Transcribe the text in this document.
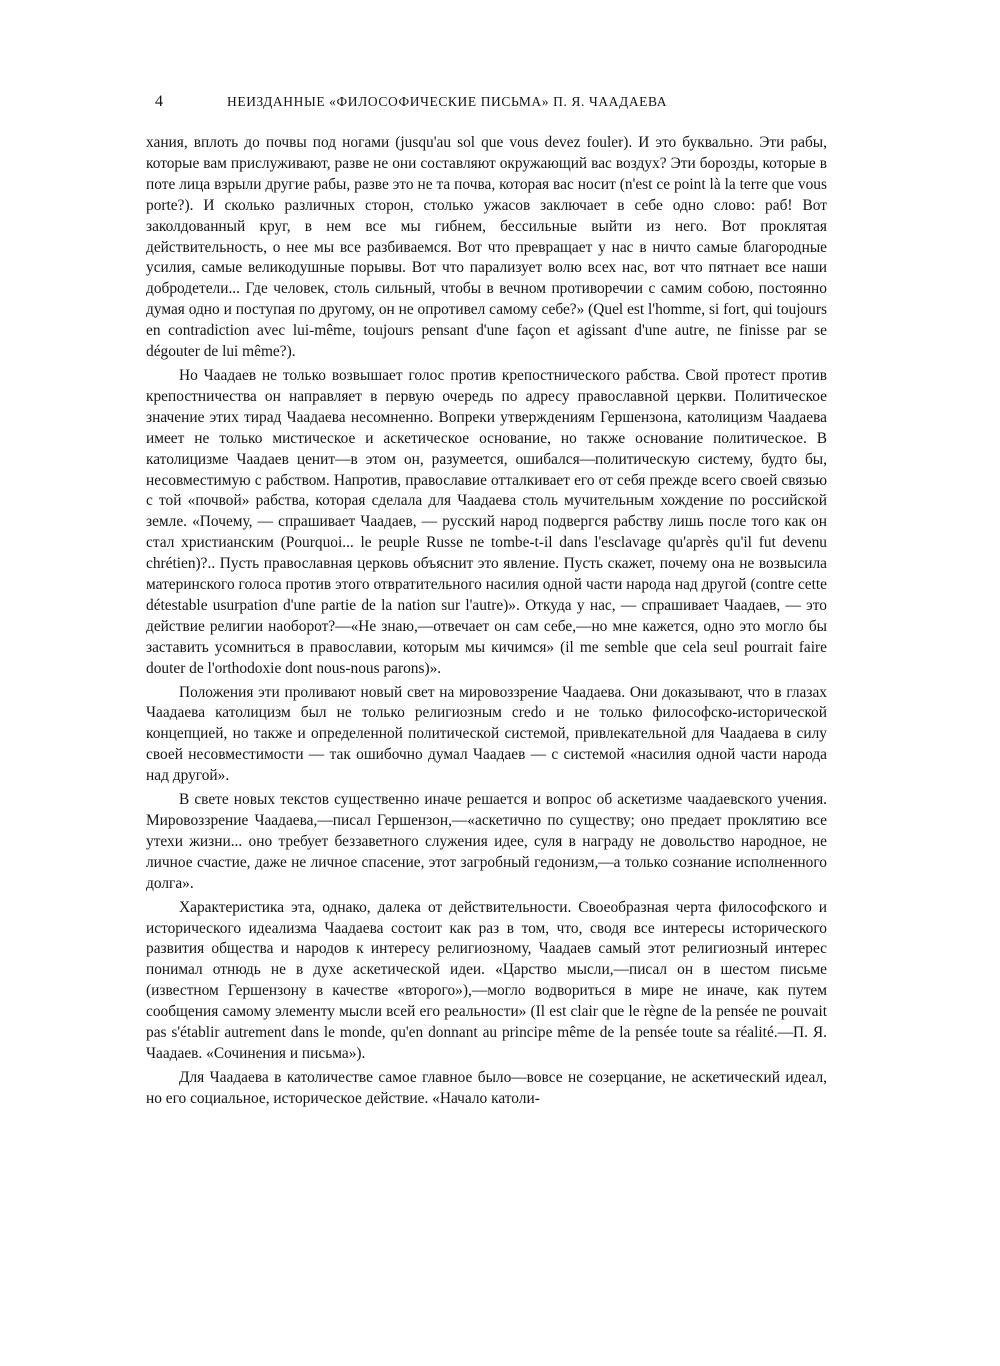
4	НЕИЗДАННЫЕ «ФИЛОСОФИЧЕСКИЕ ПИСЬМА» П. Я. ЧААДАЕВА

хания, вплоть до почвы под ногами (jusqu'au sol que vous devez fouler). И это буквально. Эти рабы, которые вам прислуживают, разве не они составляют окружающий вас воздух? Эти борозды, которые в поте лица взрыли другие рабы, разве это не та почва, которая вас носит (n'est ce point là la terre que vous porte?). И сколько различных сторон, столько ужасов заключает в себе одно слово: раб! Вот заколдованный круг, в нем все мы гибнем, бессильные выйти из него. Вот проклятая действительность, о нее мы все разбиваемся. Вот что превращает у нас в ничто самые благородные усилия, самые великодушные порывы. Вот что парализует волю всех нас, вот что пятнает все наши добродетели... Где человек, столь сильный, чтобы в вечном противоречии с самим собою, постоянно думая одно и поступая по другому, он не опротивел самому себе?» (Quel est l'homme, si fort, qui toujours en contradiction avec lui-même, toujours pensant d'une façon et agissant d'une autre, ne finisse par se dégouter de lui même?).

Но Чаадаев не только возвышает голос против крепостнического рабства. Свой протест против крепостничества он направляет в первую очередь по адресу православной церкви. Политическое значение этих тирад Чаадаева несомненно. Вопреки утверждениям Гершензона, католицизм Чаадаева имеет не только мистическое и аскетическое основание, но также основание политическое. В католицизме Чаадаев ценит—в этом он, разумеется, ошибался—политическую систему, будто бы, несовместимую с рабством. Напротив, православие отталкивает его от себя прежде всего своей связью с той «почвой» рабства, которая сделала для Чаадаева столь мучительным хождение по российской земле. «Почему, — спрашивает Чаадаев, — русский народ подвергся рабству лишь после того как он стал христианским (Pourquoi... le peuple Russe ne tombe-t-il dans l'esclavage qu'après qu'il fut devenu chrétien)?.. Пусть православная церковь объяснит это явление. Пусть скажет, почему она не возвысила материнского голоса против этого отвратительного насилия одной части народа над другой (contre cette détestable usurpation d'une partie de la nation sur l'autre)». Откуда у нас, — спрашивает Чаадаев, — это действие религии наоборот?—«Не знаю,—отвечает он сам себе,—но мне кажется, одно это могло бы заставить усомниться в православии, которым мы кичимся» (il me semble que cela seul pourrait faire douter de l'orthodoxie dont nous-nous parons)».

Положения эти проливают новый свет на мировоззрение Чаадаева. Они доказывают, что в глазах Чаадаева католицизм был не только религиозным credo и не только философско-исторической концепцией, но также и определенной политической системой, привлекательной для Чаадаева в силу своей несовместимости — так ошибочно думал Чаадаев — с системой «насилия одной части народа над другой».

В свете новых текстов существенно иначе решается и вопрос об аскетизме чаадаевского учения. Мировоззрение Чаадаева,—писал Гершензон,—«аскетично по существу; оно предает проклятию все утехи жизни... оно требует беззаветного служения идее, суля в награду не довольство народное, не личное счастие, даже не личное спасение, этот загробный гедонизм,—а только сознание исполненного долга».

Характеристика эта, однако, далека от действительности. Своеобразная черта философского и исторического идеализма Чаадаева состоит как раз в том, что, сводя все интересы исторического развития общества и народов к интересу религиозному, Чаадаев самый этот религиозный интерес понимал отнюдь не в духе аскетической идеи. «Царство мысли,—писал он в шестом письме (известном Гершензону в качестве «второго»),—могло водвориться в мире не иначе, как путем сообщения самому элементу мысли всей его реальности» (Il est clair que le règne de la pensée ne pouvait pas s'établir autrement dans le monde, qu'en donnant au principe même de la pensée toute sa réalité.—П. Я. Чаадаев. «Сочинения и письма»).

Для Чаадаева в католичестве самое главное было—вовсе не созерцание, не аскетический идеал, но его социальное, историческое действие. «Начало католи-
